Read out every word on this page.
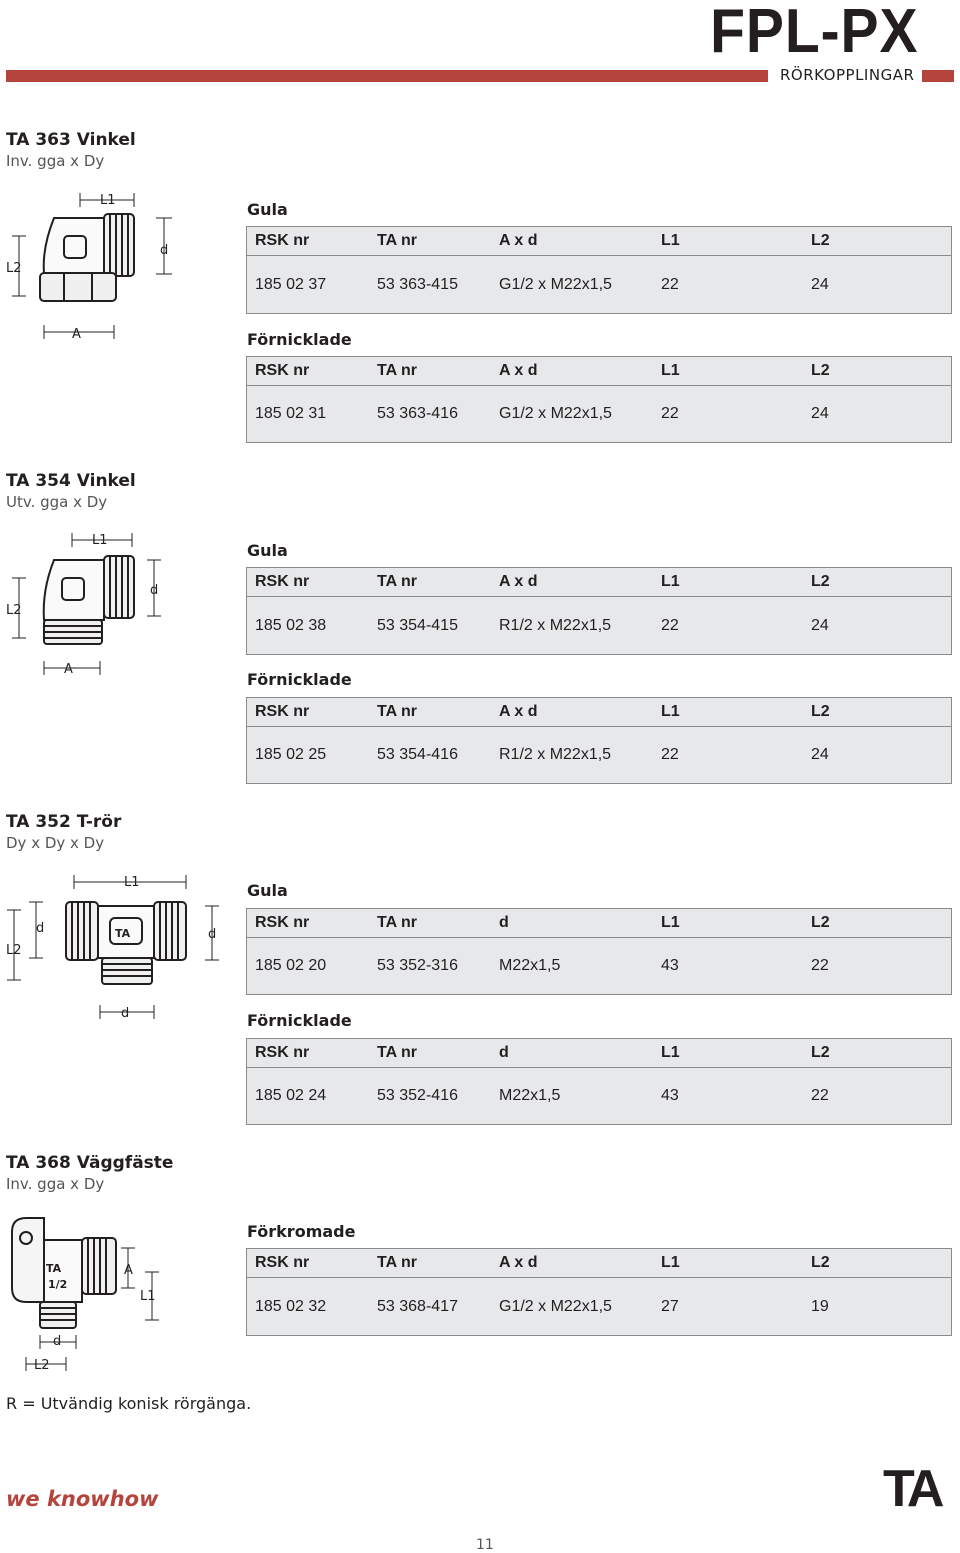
FPL-PX
RÖRKOPPLINGAR
TA 363 Vinkel
Inv. gga x Dy
L2
L1
d
A
Gula
RSK nr	TA nr	A x d	L1	L2
185 02 37	53 363-415	G1/2 x M22x1,5	22	24
Förnicklade
RSK nr	TA nr	A x d	L1	L2
185 02 31	53 363-416	G1/2 x M22x1,5	22	24
TA 354 Vinkel
Utv. gga x Dy
L2
L1
d
A
Gula
RSK nr	TA nr	A x d	L1	L2
185 02 38	53 354-415	R1/2 x M22x1,5	22	24
Förnicklade
RSK nr	TA nr	A x d	L1	L2
185 02 25	53 354-416	R1/2 x M22x1,5	22	24
TA 352 T-rör
Dy x Dy x Dy
L2
d
L1
d
d
TA
Gula
RSK nr	TA nr	d	L1	L2
185 02 20	53 352-316	M22x1,5	43	22
Förnicklade
RSK nr	TA nr	d	L1	L2
185 02 24	53 352-416	M22x1,5	43	22
TA 368 Väggfäste
Inv. gga x Dy
A
L1
d
L2
TA
1/2
Förkromade
RSK nr	TA nr	A x d	L1	L2
185 02 32	53 368-417	G1/2 x M22x1,5	27	19
R = Utvändig konisk rörgänga.
we knowhow	TA
11
